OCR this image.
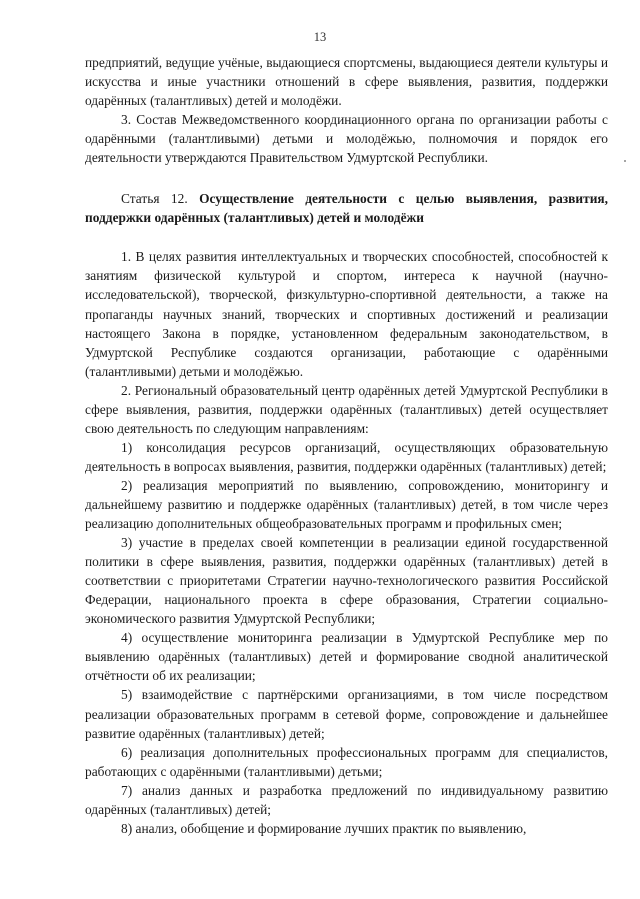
13

предприятий, ведущие учёные, выдающиеся спортсмены, выдающиеся деятели культуры и искусства и иные участники отношений в сфере выявления, развития, поддержки одарённых (талантливых) детей и молодёжи.

3. Состав Межведомственного координационного органа по организации работы с одарёнными (талантливыми) детьми и молодёжью, полномочия и порядок его деятельности утверждаются Правительством Удмуртской Республики.

Статья 12. Осуществление деятельности с целью выявления, развития, поддержки одарённых (талантливых) детей и молодёжи

1. В целях развития интеллектуальных и творческих способностей, способностей к занятиям физической культурой и спортом, интереса к научной (научно-исследовательской), творческой, физкультурно-спортивной деятельности, а также на пропаганды научных знаний, творческих и спортивных достижений и реализации настоящего Закона в порядке, установленном федеральным законодательством, в Удмуртской Республике создаются организации, работающие с одарёнными (талантливыми) детьми и молодёжью.

2. Региональный образовательный центр одарённых детей Удмуртской Республики в сфере выявления, развития, поддержки одарённых (талантливых) детей осуществляет свою деятельность по следующим направлениям:

1) консолидация ресурсов организаций, осуществляющих образовательную деятельность в вопросах выявления, развития, поддержки одарённых (талантливых) детей;

2) реализация мероприятий по выявлению, сопровождению, мониторингу и дальнейшему развитию и поддержке одарённых (талантливых) детей, в том числе через реализацию дополнительных общеобразовательных программ и профильных смен;

3) участие в пределах своей компетенции в реализации единой государственной политики в сфере выявления, развития, поддержки одарённых (талантливых) детей в соответствии с приоритетами Стратегии научно-технологического развития Российской Федерации, национального проекта в сфере образования, Стратегии социально-экономического развития Удмуртской Республики;

4) осуществление мониторинга реализации в Удмуртской Республике мер по выявлению одарённых (талантливых) детей и формирование сводной аналитической отчётности об их реализации;

5) взаимодействие с партнёрскими организациями, в том числе посредством реализации образовательных программ в сетевой форме, сопровождение и дальнейшее развитие одарённых (талантливых) детей;

6) реализация дополнительных профессиональных программ для специалистов, работающих с одарёнными (талантливыми) детьми;

7) анализ данных и разработка предложений по индивидуальному развитию одарённых (талантливых) детей;

8) анализ, обобщение и формирование лучших практик по выявлению,
